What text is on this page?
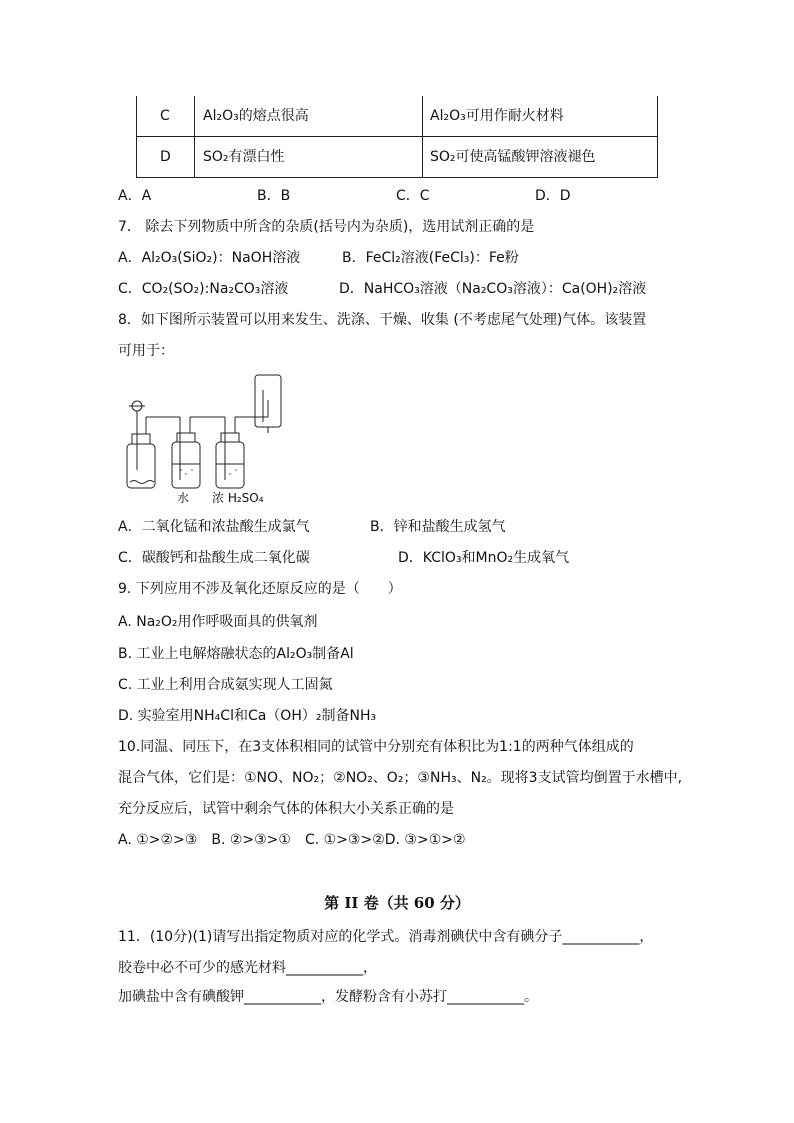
C Al₂O₃的熔点很高	Al₂O₃可用作耐火材料
D SO₂有漂白性	SO₂可使高锰酸钾溶液褪色
A．A	B．B	C．C	D．D
7． 除去下列物质中所含的杂质(括号内为杂质)，选用试剂正确的是
A．Al₂O₃(SiO₂)：NaOH溶液	B．FeCl₂溶液(FeCl₃)：Fe粉
C．CO₂(SO₂):Na₂CO₃溶液	D．NaHCO₃溶液（Na₂CO₃溶液）：Ca(OH)₂溶液
8．如下图所示装置可以用来发生、洗涤、干燥、收集 (不考虑尾气处理)气体。该装置
可用于：
水 浓 H₂SO₄
A．二氧化锰和浓盐酸生成氯气	B．锌和盐酸生成氢气
C．碳酸钙和盐酸生成二氧化碳	D．KClO₃和MnO₂生成氧气
9. 下列应用不涉及氧化还原反应的是（　　）
A. Na₂O₂用作呼吸面具的供氧剂
B. 工业上电解熔融状态的Al₂O₃制备Al
C. 工业上利用合成氨实现人工固氮
D. 实验室用NH₄Cl和Ca（OH）₂制备NH₃
10.同温、同压下，在3支体积相同的试管中分别充有体积比为1:1的两种气体组成的
混合气体，它们是：①NO、NO₂；②NO₂、O₂；③NH₃、N₂。现将3支试管均倒置于水槽中,
充分反应后，试管中剩余气体的体积大小关系正确的是
A. ①>②>③　B. ②>③>①　C. ①>③>②D. ③>①>②
第 II 卷（共 60 分）
11．(10分)(1)请写出指定物质对应的化学式。消毒剂碘伏中含有碘分子___________，
胶卷中必不可少的感光材料___________，
加碘盐中含有碘酸钾___________，发酵粉含有小苏打___________。
